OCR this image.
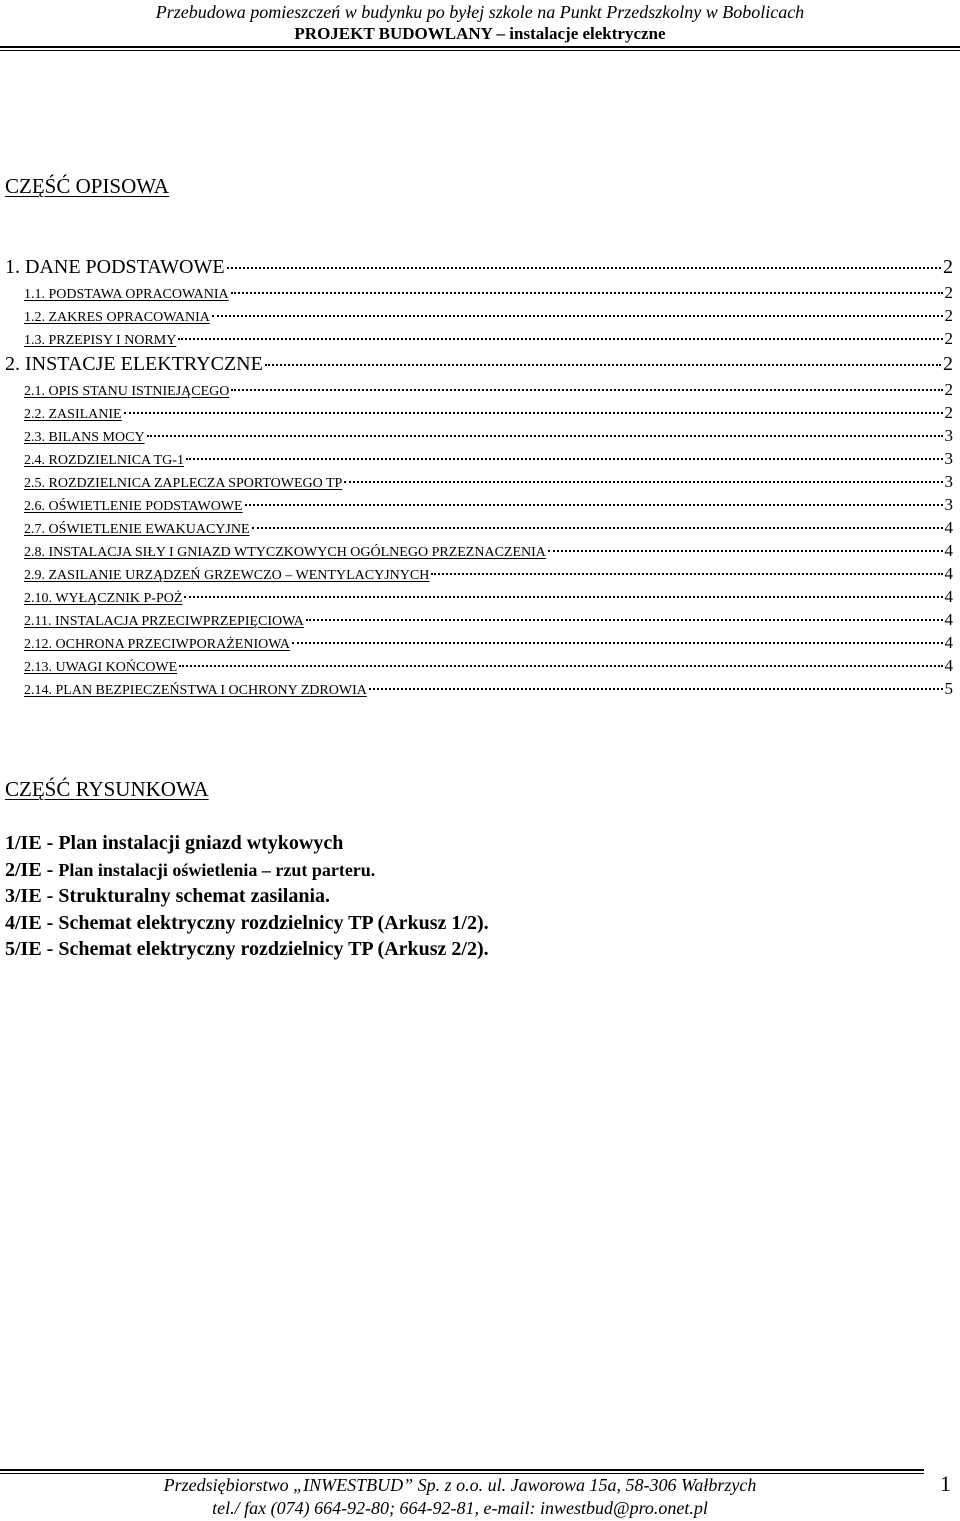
Przebudowa pomieszczeń w budynku po byłej szkole na Punkt Przedszkolny w Bobolicach
PROJEKT BUDOWLANY – instalacje elektryczne
CZĘŚĆ OPISOWA
1. DANE PODSTAWOWE	2
1.1. PODSTAWA OPRACOWANIA	2
1.2. ZAKRES OPRACOWANIA	2
1.3. PRZEPISY I NORMY	2
2. INSTACJE ELEKTRYCZNE	2
2.1. OPIS STANU ISTNIEJĄCEGO	2
2.2. ZASILANIE	2
2.3. BILANS MOCY	3
2.4. ROZDZIELNICA TG-1	3
2.5. ROZDZIELNICA ZAPLECZA SPORTOWEGO TP	3
2.6. OŚWIETLENIE PODSTAWOWE	3
2.7. OŚWIETLENIE EWAKUACYJNE	4
2.8. INSTALACJA SIŁY I GNIAZD WTYCZKOWYCH OGÓLNEGO PRZEZNACZENIA	4
2.9. ZASILANIE URZĄDZEŃ GRZEWCZO – WENTYLACYJNYCH	4
2.10. WYŁĄCZNIK P-POŻ	4
2.11. INSTALACJA PRZECIWPRZEPIĘCIOWA	4
2.12. OCHRONA PRZECIWPORAŻENIOWA	4
2.13. UWAGI KOŃCOWE	4
2.14. PLAN BEZPIECZEŃSTWA I OCHRONY ZDROWIA	5
CZĘŚĆ RYSUNKOWA
1/IE - Plan instalacji gniazd wtykowych
2/IE - Plan instalacji oświetlenia – rzut parteru.
3/IE - Strukturalny schemat zasilania.
4/IE - Schemat elektryczny rozdzielnicy TP (Arkusz 1/2).
5/IE - Schemat elektryczny rozdzielnicy TP (Arkusz 2/2).
Przedsiębiorstwo „INWESTBUD” Sp. z o.o. ul. Jaworowa 15a, 58-306 Wałbrzych
tel./ fax (074) 664-92-80; 664-92-81, e-mail: inwestbud@pro.onet.pl
1
